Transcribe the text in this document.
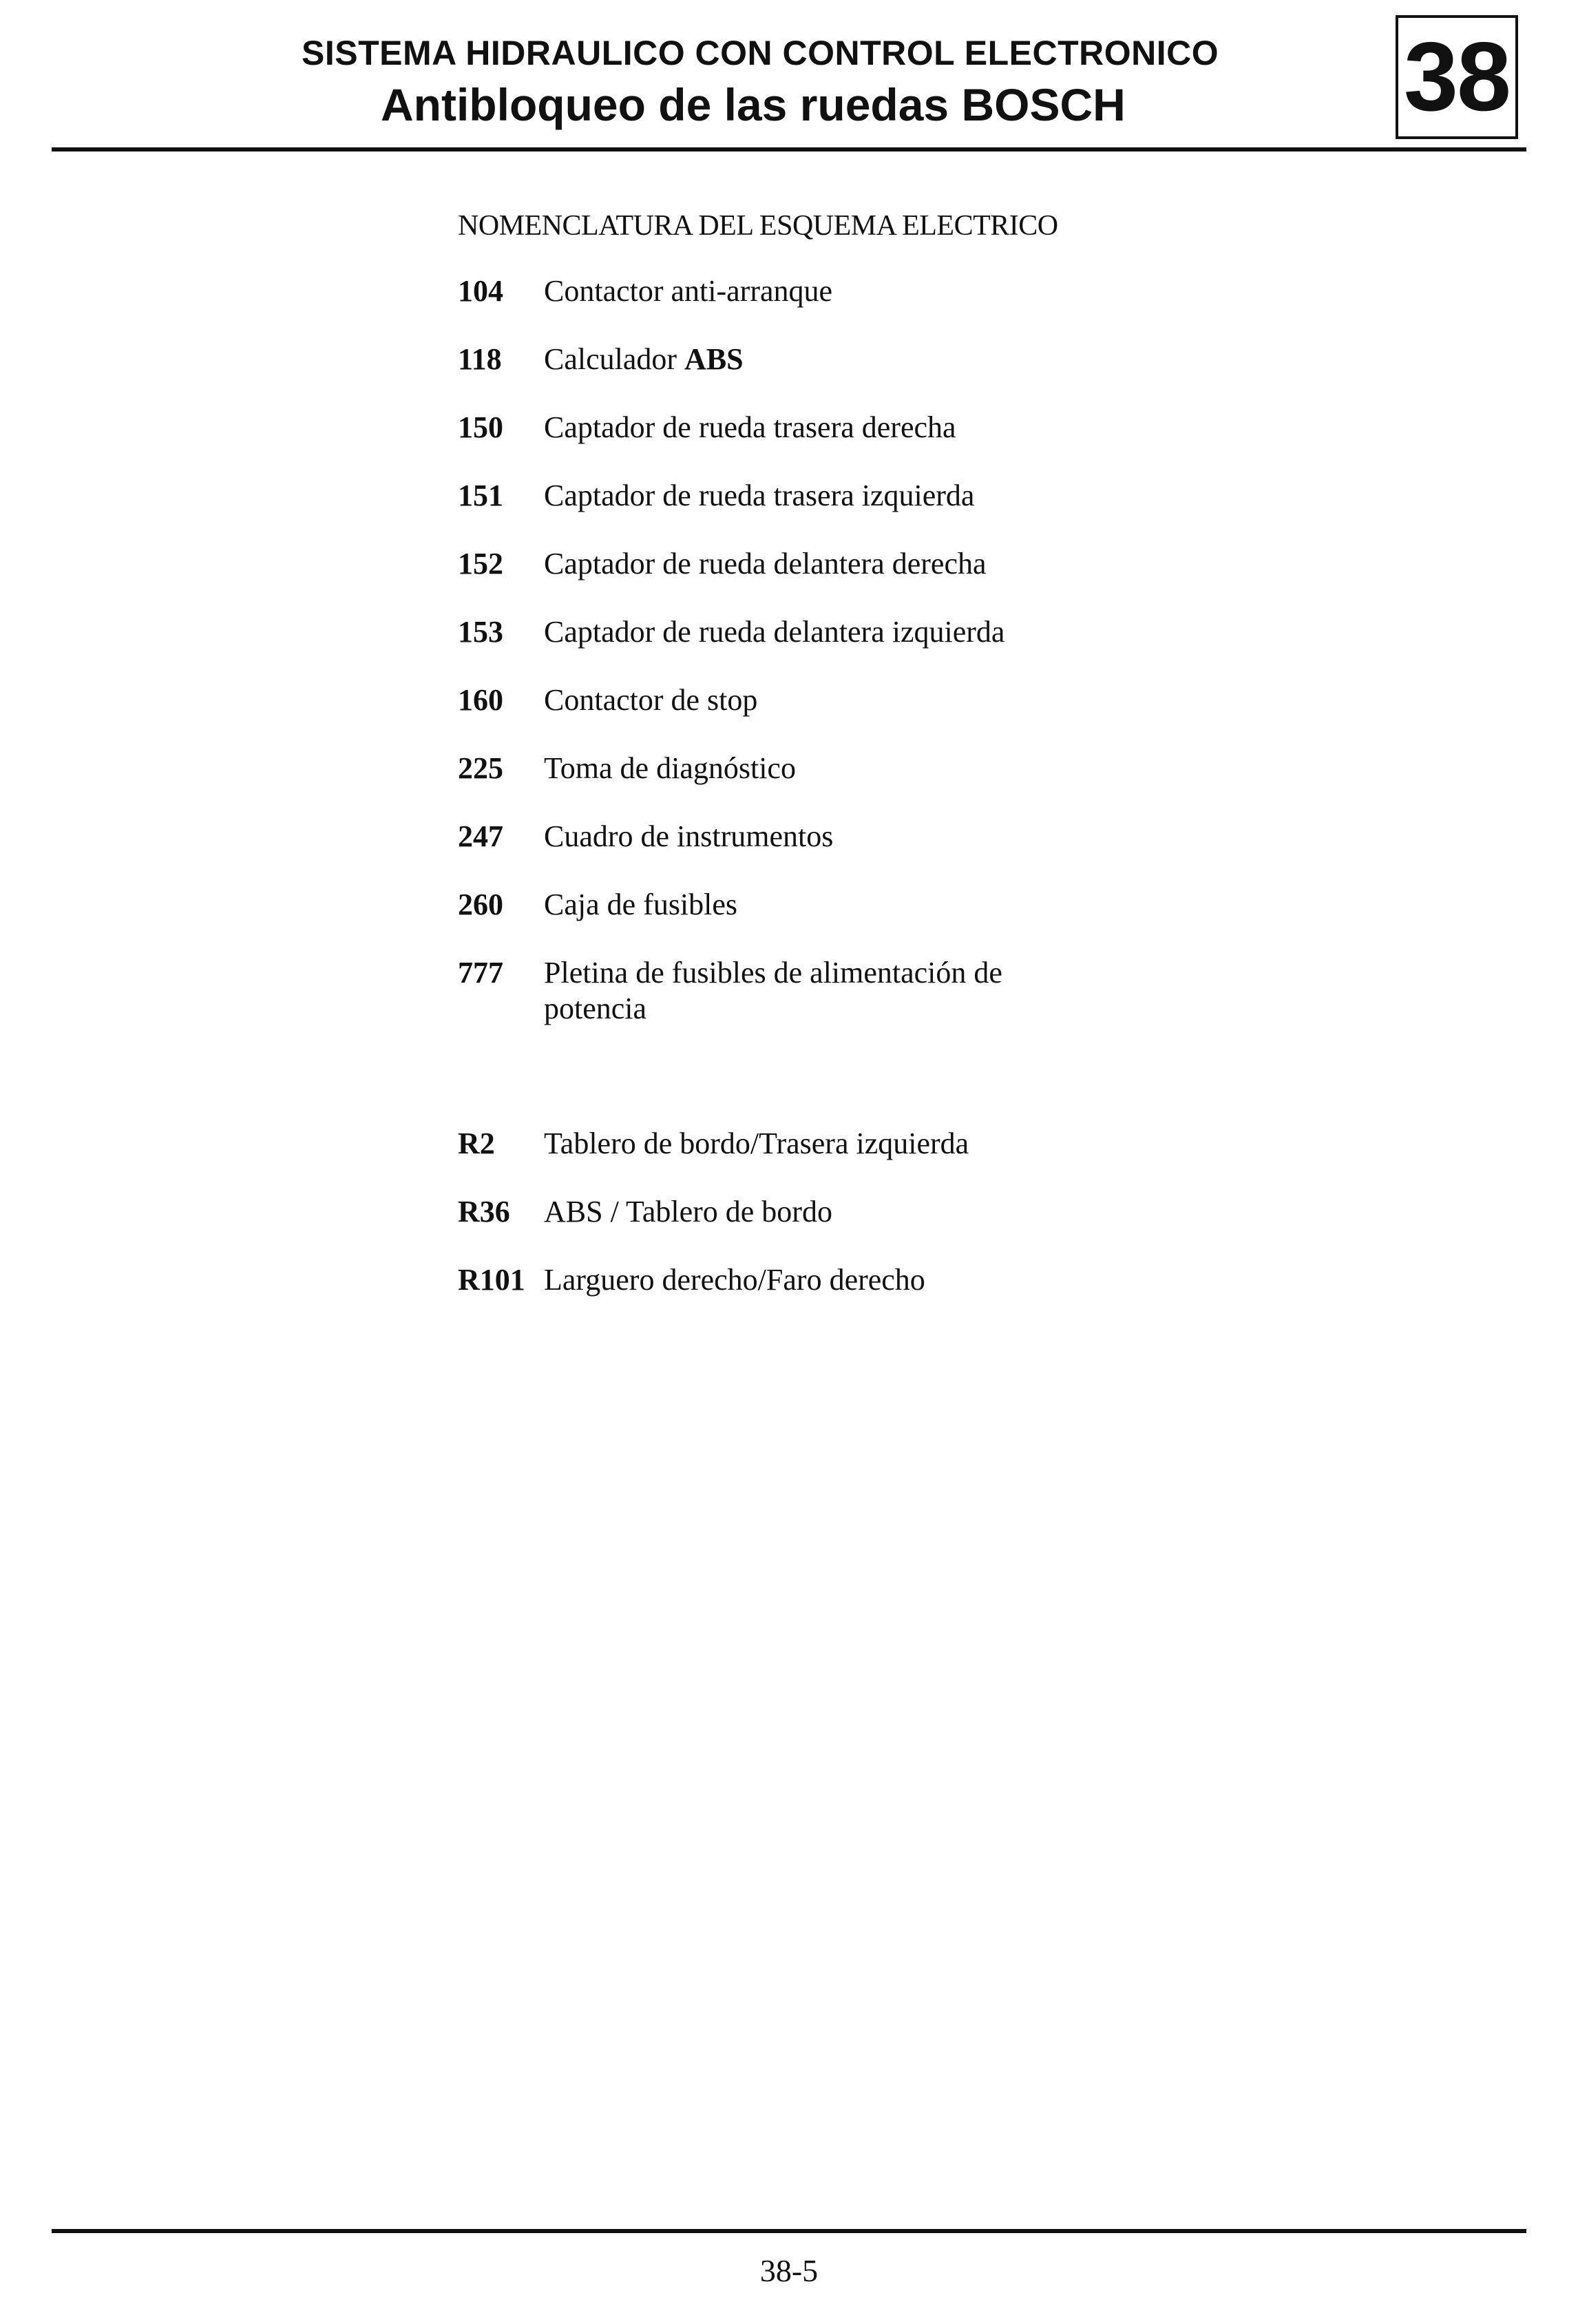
SISTEMA HIDRAULICO CON CONTROL ELECTRONICO
Antibloqueo de las ruedas BOSCH	38
NOMENCLATURA DEL ESQUEMA ELECTRICO
104	Contactor anti-arranque
118	Calculador ABS
150	Captador de rueda trasera derecha
151	Captador de rueda trasera izquierda
152	Captador de rueda delantera derecha
153	Captador de rueda delantera izquierda
160	Contactor de stop
225	Toma de diagnóstico
247	Cuadro de instrumentos
260	Caja de fusibles
777	Pletina de fusibles de alimentación de potencia
R2	Tablero de bordo/Trasera izquierda
R36	ABS / Tablero de bordo
R101 Larguero derecho/Faro derecho
38-5
